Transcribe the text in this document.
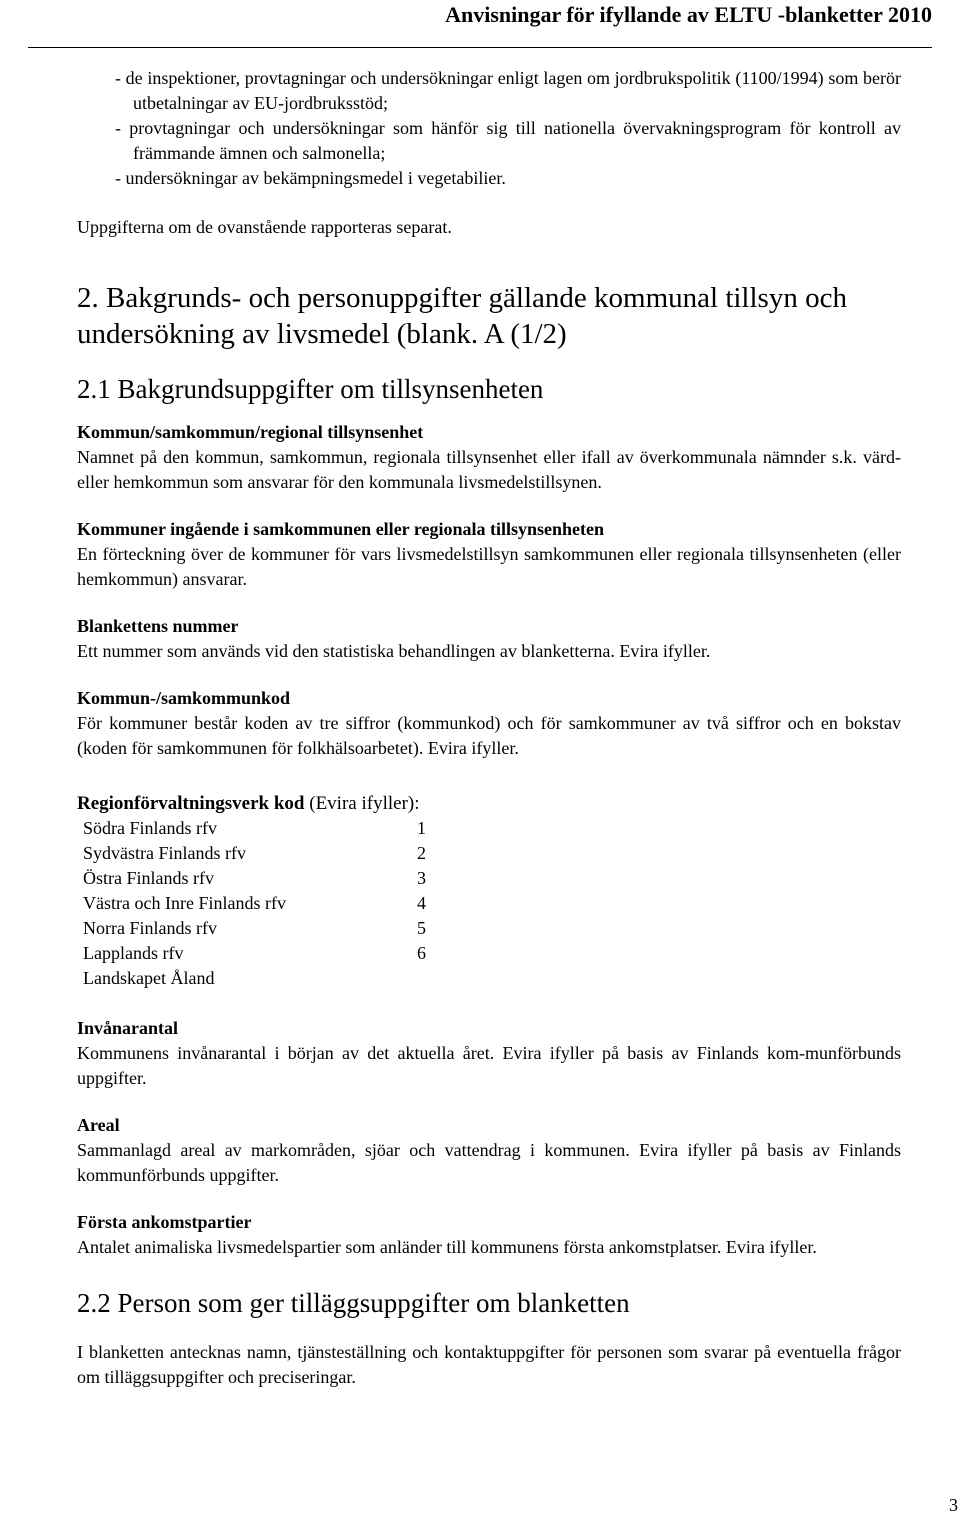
Anvisningar för ifyllande av ELTU -blanketter 2010
- de inspektioner, provtagningar och undersökningar enligt lagen om jordbrukspolitik (1100/1994) som berör utbetalningar av EU-jordbruksstöd;
- provtagningar och undersökningar som hänför sig till nationella övervakningsprogram för kontroll av främmande ämnen och salmonella;
- undersökningar av bekämpningsmedel i vegetabilier.

Uppgifterna om de ovanstående rapporteras separat.

2. Bakgrunds- och personuppgifter gällande kommunal tillsyn och undersökning av livsmedel (blank. A (1/2)
2.1 Bakgrundsuppgifter om tillsynsenheten

Kommun/samkommun/regional tillsynsenhet

Namnet på den kommun, samkommun, regionala tillsynsenhet eller ifall av överkommunala nämnder s.k. värd- eller hemkommun som ansvarar för den kommunala livsmedelstillsynen.

Kommuner ingående i samkommunen eller regionala tillsynsenheten

En förteckning över de kommuner för vars livsmedelstillsyn samkommunen eller regionala tillsynsenheten (eller hemkommun) ansvarar.

Blankettens nummer

Ett nummer som används vid den statistiska behandlingen av blanketterna. Evira ifyller.

Kommun-/samkommunkod

För kommuner består koden av tre siffror (kommunkod) och för samkommuner av två siffror och en bokstav (koden för samkommunen för folkhälsoarbetet). Evira ifyller.

Regionförvaltningsverk kod (Evira ifyller):

Södra Finlands rfv	1
Sydvästra Finlands rfv	2
Östra Finlands rfv	3
Västra och Inre Finlands rfv	4
Norra Finlands rfv	5
Lapplands rfv	6
Landskapet Åland

Invånarantal

Kommunens invånarantal i början av det aktuella året. Evira ifyller på basis av Finlands kom-munförbunds uppgifter.

Areal

Sammanlagd areal av markområden, sjöar och vattendrag i kommunen. Evira ifyller på basis av Finlands kommunförbunds uppgifter.

Första ankomstpartier

Antalet animaliska livsmedelspartier som anländer till kommunens första ankomstplatser. Evira ifyller.

2.2 Person som ger tilläggsuppgifter om blanketten

I blanketten antecknas namn, tjänsteställning och kontaktuppgifter för personen som svarar på eventuella frågor om tilläggsuppgifter och preciseringar.

3
